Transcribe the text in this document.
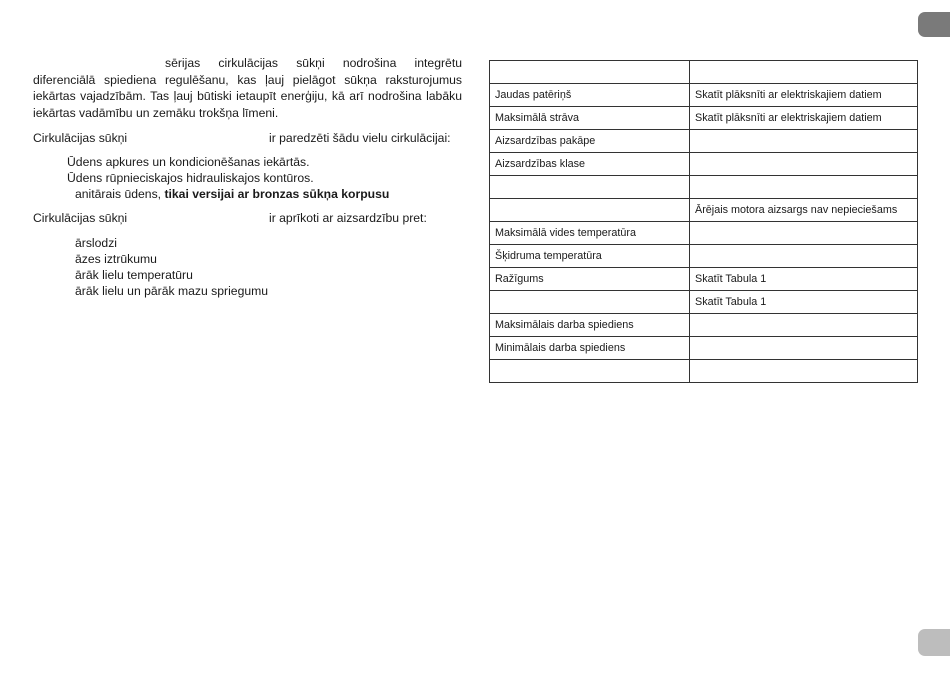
sērijas cirkulācijas sūkņi nodrošina integrētu diferenciālā spiediena regulēšanu, kas ļauj pielāgot sūkņa raksturojumus iekārtas vajadzībām. Tas ļauj būtiski ietaupīt enerģiju, kā arī nodrošina labāku iekārtas vadāmību un zemāku trokšņa līmeni.

Cirkulācijas sūkņi	ir paredzēti šādu vielu cirkulācijai:

Ūdens apkures un kondicionēšanas iekārtās.
Ūdens rūpnieciskajos hidrauliskajos kontūros.
anitārais ūdens, tikai versijai ar bronzas sūkņa korpusu

Cirkulācijas sūkņi	ir aprīkoti ar aizsardzību pret:

ārslodzi
āzes iztrūkumu
ārāk lielu temperatūru
ārāk lielu un pārāk mazu spriegumu

Jaudas patēriņš	Skatīt plāksnīti ar elektriskajiem datiem
Maksimālā strāva	Skatīt plāksnīti ar elektriskajiem datiem
Aizsardzības pakāpe	
Aizsardzības klase	

	Ārējais motora aizsargs nav nepieciešams
Maksimālā vides temperatūra	
Šķidruma temperatūra	
Ražīgums	Skatīt Tabula 1
	Skatīt Tabula 1
Maksimālais darba spiediens	
Minimālais darba spiediens	
